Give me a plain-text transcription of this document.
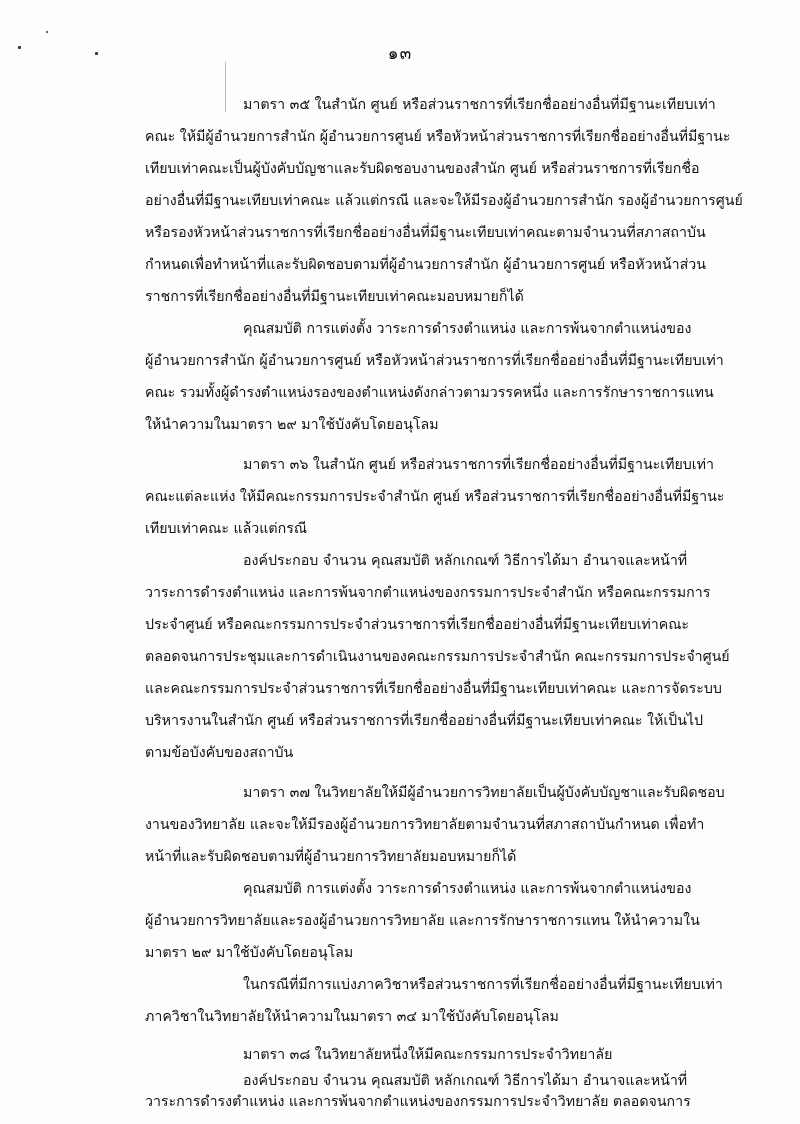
๑๓
มาตรา ๓๕ ในสำนัก ศูนย์ หรือส่วนราชการที่เรียกชื่ออย่างอื่นที่มีฐานะเทียบเท่า
คณะ ให้มีผู้อำนวยการสำนัก ผู้อำนวยการศูนย์ หรือหัวหน้าส่วนราชการที่เรียกชื่ออย่างอื่นที่มีฐานะ
เทียบเท่าคณะเป็นผู้บังคับบัญชาและรับผิดชอบงานของสำนัก ศูนย์ หรือส่วนราชการที่เรียกชื่อ
อย่างอื่นที่มีฐานะเทียบเท่าคณะ แล้วแต่กรณี และจะให้มีรองผู้อำนวยการสำนัก รองผู้อำนวยการศูนย์
หรือรองหัวหน้าส่วนราชการที่เรียกชื่ออย่างอื่นที่มีฐานะเทียบเท่าคณะตามจำนวนที่สภาสถาบัน
กำหนดเพื่อทำหน้าที่และรับผิดชอบตามที่ผู้อำนวยการสำนัก ผู้อำนวยการศูนย์ หรือหัวหน้าส่วน
ราชการที่เรียกชื่ออย่างอื่นที่มีฐานะเทียบเท่าคณะมอบหมายก็ได้
คุณสมบัติ การแต่งตั้ง วาระการดำรงตำแหน่ง และการพ้นจากตำแหน่งของ
ผู้อำนวยการสำนัก ผู้อำนวยการศูนย์ หรือหัวหน้าส่วนราชการที่เรียกชื่ออย่างอื่นที่มีฐานะเทียบเท่า
คณะ รวมทั้งผู้ดำรงตำแหน่งรองของตำแหน่งดังกล่าวตามวรรคหนึ่ง และการรักษาราชการแทน
ให้นำความในมาตรา ๒๙ มาใช้บังคับโดยอนุโลม
มาตรา ๓๖ ในสำนัก ศูนย์ หรือส่วนราชการที่เรียกชื่ออย่างอื่นที่มีฐานะเทียบเท่า
คณะแต่ละแห่ง ให้มีคณะกรรมการประจำสำนัก ศูนย์ หรือส่วนราชการที่เรียกชื่ออย่างอื่นที่มีฐานะ
เทียบเท่าคณะ แล้วแต่กรณี
องค์ประกอบ จำนวน คุณสมบัติ หลักเกณฑ์ วิธีการได้มา อำนาจและหน้าที่
วาระการดำรงตำแหน่ง และการพ้นจากตำแหน่งของกรรมการประจำสำนัก หรือคณะกรรมการ
ประจำศูนย์ หรือคณะกรรมการประจำส่วนราชการที่เรียกชื่ออย่างอื่นที่มีฐานะเทียบเท่าคณะ
ตลอดจนการประชุมและการดำเนินงานของคณะกรรมการประจำสำนัก คณะกรรมการประจำศูนย์
และคณะกรรมการประจำส่วนราชการที่เรียกชื่ออย่างอื่นที่มีฐานะเทียบเท่าคณะ และการจัดระบบ
บริหารงานในสำนัก ศูนย์ หรือส่วนราชการที่เรียกชื่ออย่างอื่นที่มีฐานะเทียบเท่าคณะ ให้เป็นไป
ตามข้อบังคับของสถาบัน
มาตรา ๓๗ ในวิทยาลัยให้มีผู้อำนวยการวิทยาลัยเป็นผู้บังคับบัญชาและรับผิดชอบ
งานของวิทยาลัย และจะให้มีรองผู้อำนวยการวิทยาลัยตามจำนวนที่สภาสถาบันกำหนด เพื่อทำ
หน้าที่และรับผิดชอบตามที่ผู้อำนวยการวิทยาลัยมอบหมายก็ได้
คุณสมบัติ การแต่งตั้ง วาระการดำรงตำแหน่ง และการพ้นจากตำแหน่งของ
ผู้อำนวยการวิทยาลัยและรองผู้อำนวยการวิทยาลัย และการรักษาราชการแทน ให้นำความใน
มาตรา ๒๙ มาใช้บังคับโดยอนุโลม
ในกรณีที่มีการแบ่งภาควิชาหรือส่วนราชการที่เรียกชื่ออย่างอื่นที่มีฐานะเทียบเท่า
ภาควิชาในวิทยาลัยให้นำความในมาตรา ๓๔ มาใช้บังคับโดยอนุโลม
มาตรา ๓๘ ในวิทยาลัยหนึ่งให้มีคณะกรรมการประจำวิทยาลัย
องค์ประกอบ จำนวน คุณสมบัติ หลักเกณฑ์ วิธีการได้มา อำนาจและหน้าที่
วาระการดำรงตำแหน่ง และการพ้นจากตำแหน่งของกรรมการประจำวิทยาลัย ตลอดจนการ
